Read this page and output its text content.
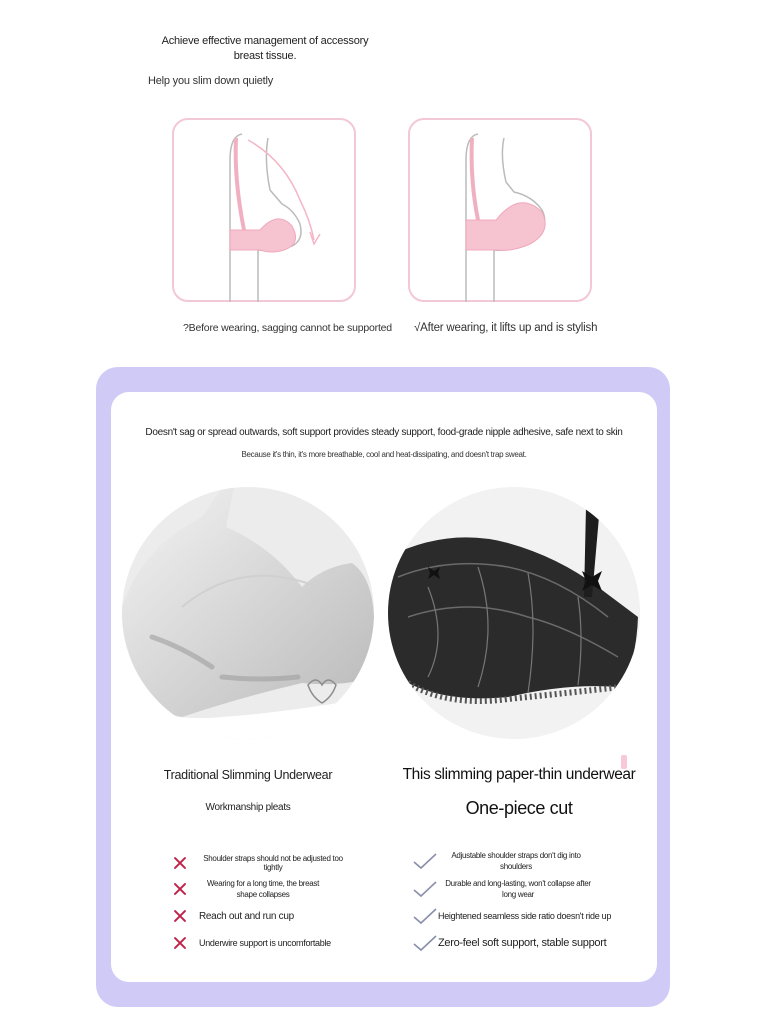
Achieve effective management of accessory breast tissue.
Help you slim down quietly
?Before wearing, sagging cannot be supported √After wearing, it lifts up and is stylish
Doesn't sag or spread outwards, soft support provides steady support, food-grade nipple adhesive, safe next to skin
Because it's thin, it's more breathable, cool and heat-dissipating, and doesn't trap sweat.
Traditional Slimming Underwear
Workmanship pleats
This slimming paper-thin underwear
One-piece cut
Shoulder straps should not be adjusted too tightly
Wearing for a long time, the breast shape collapses
Reach out and run cup
Underwire support is uncomfortable
Adjustable shoulder straps don't dig into shoulders
Durable and long-lasting, won't collapse after long wear
Heightened seamless side ratio doesn't ride up
Zero-feel soft support, stable support
